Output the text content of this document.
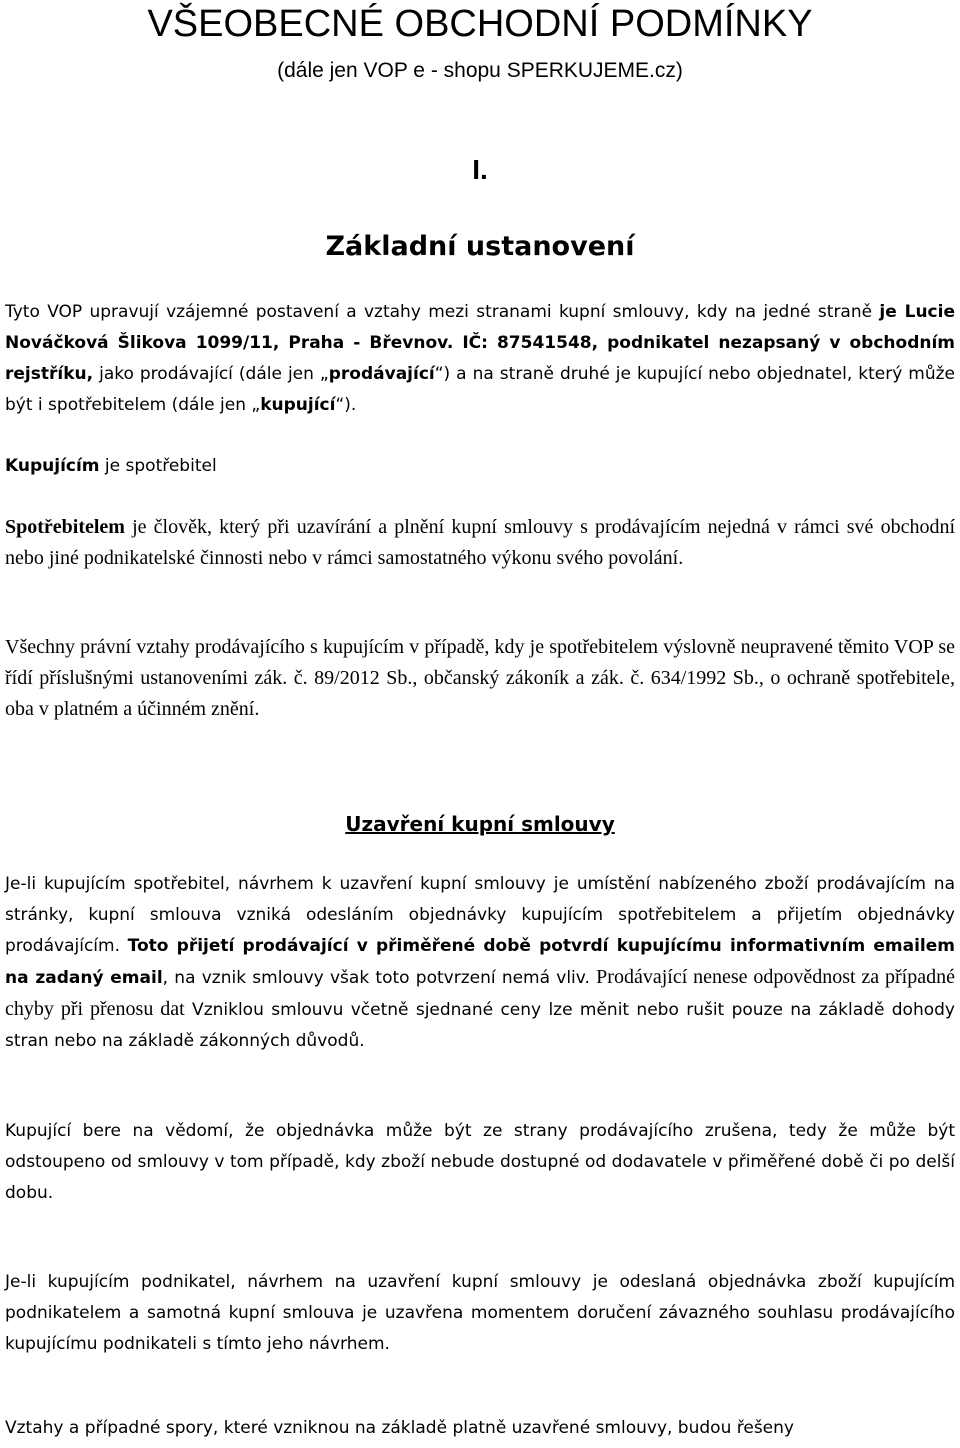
VŠEOBECNÉ OBCHODNÍ PODMÍNKY
(dále jen VOP e - shopu SPERKUJEME.cz)
I.
Základní ustanovení

Tyto VOP upravují vzájemné postavení a vztahy mezi stranami kupní smlouvy, kdy na jedné straně je Lucie Nováčková Šlikova 1099/11, Praha - Břevnov. IČ: 87541548, podnikatel nezapsaný v obchodním rejstříku, jako prodávající (dále jen „prodávající“) a na straně druhé je kupující nebo objednatel, který může být i spotřebitelem (dále jen „kupující“).

Kupujícím je spotřebitel

Spotřebitelem je člověk, který při uzavírání a plnění kupní smlouvy s prodávajícím nejedná v rámci své obchodní nebo jiné podnikatelské činnosti nebo v rámci samostatného výkonu svého povolání.

Všechny právní vztahy prodávajícího s kupujícím v případě, kdy je spotřebitelem výslovně neupravené těmito VOP se řídí příslušnými ustanoveními zák. č. 89/2012 Sb., občanský zákoník a zák. č. 634/1992 Sb., o ochraně spotřebitele, oba v platném a účinném znění.

Uzavření kupní smlouvy

Je-li kupujícím spotřebitel, návrhem k uzavření kupní smlouvy je umístění nabízeného zboží prodávajícím na stránky, kupní smlouva vzniká odesláním objednávky kupujícím spotřebitelem a přijetím objednávky prodávajícím. Toto přijetí prodávající v přiměřené době potvrdí kupujícímu informativním emailem na zadaný email, na vznik smlouvy však toto potvrzení nemá vliv. Prodávající nenese odpovědnost za případné chyby při přenosu dat Vzniklou smlouvu včetně sjednané ceny lze měnit nebo rušit pouze na základě dohody stran nebo na základě zákonných důvodů.

Kupující bere na vědomí, že objednávka může být ze strany prodávajícího zrušena, tedy že může být odstoupeno od smlouvy v tom případě, kdy zboží nebude dostupné od dodavatele v přiměřené době či po delší dobu.

Je-li kupujícím podnikatel, návrhem na uzavření kupní smlouvy je odeslaná objednávka zboží kupujícím podnikatelem a samotná kupní smlouva je uzavřena momentem doručení závazného souhlasu prodávajícího kupujícímu podnikateli s tímto jeho návrhem.

Vztahy a případné spory, které vzniknou na základě platně uzavřené smlouvy, budou řešeny
